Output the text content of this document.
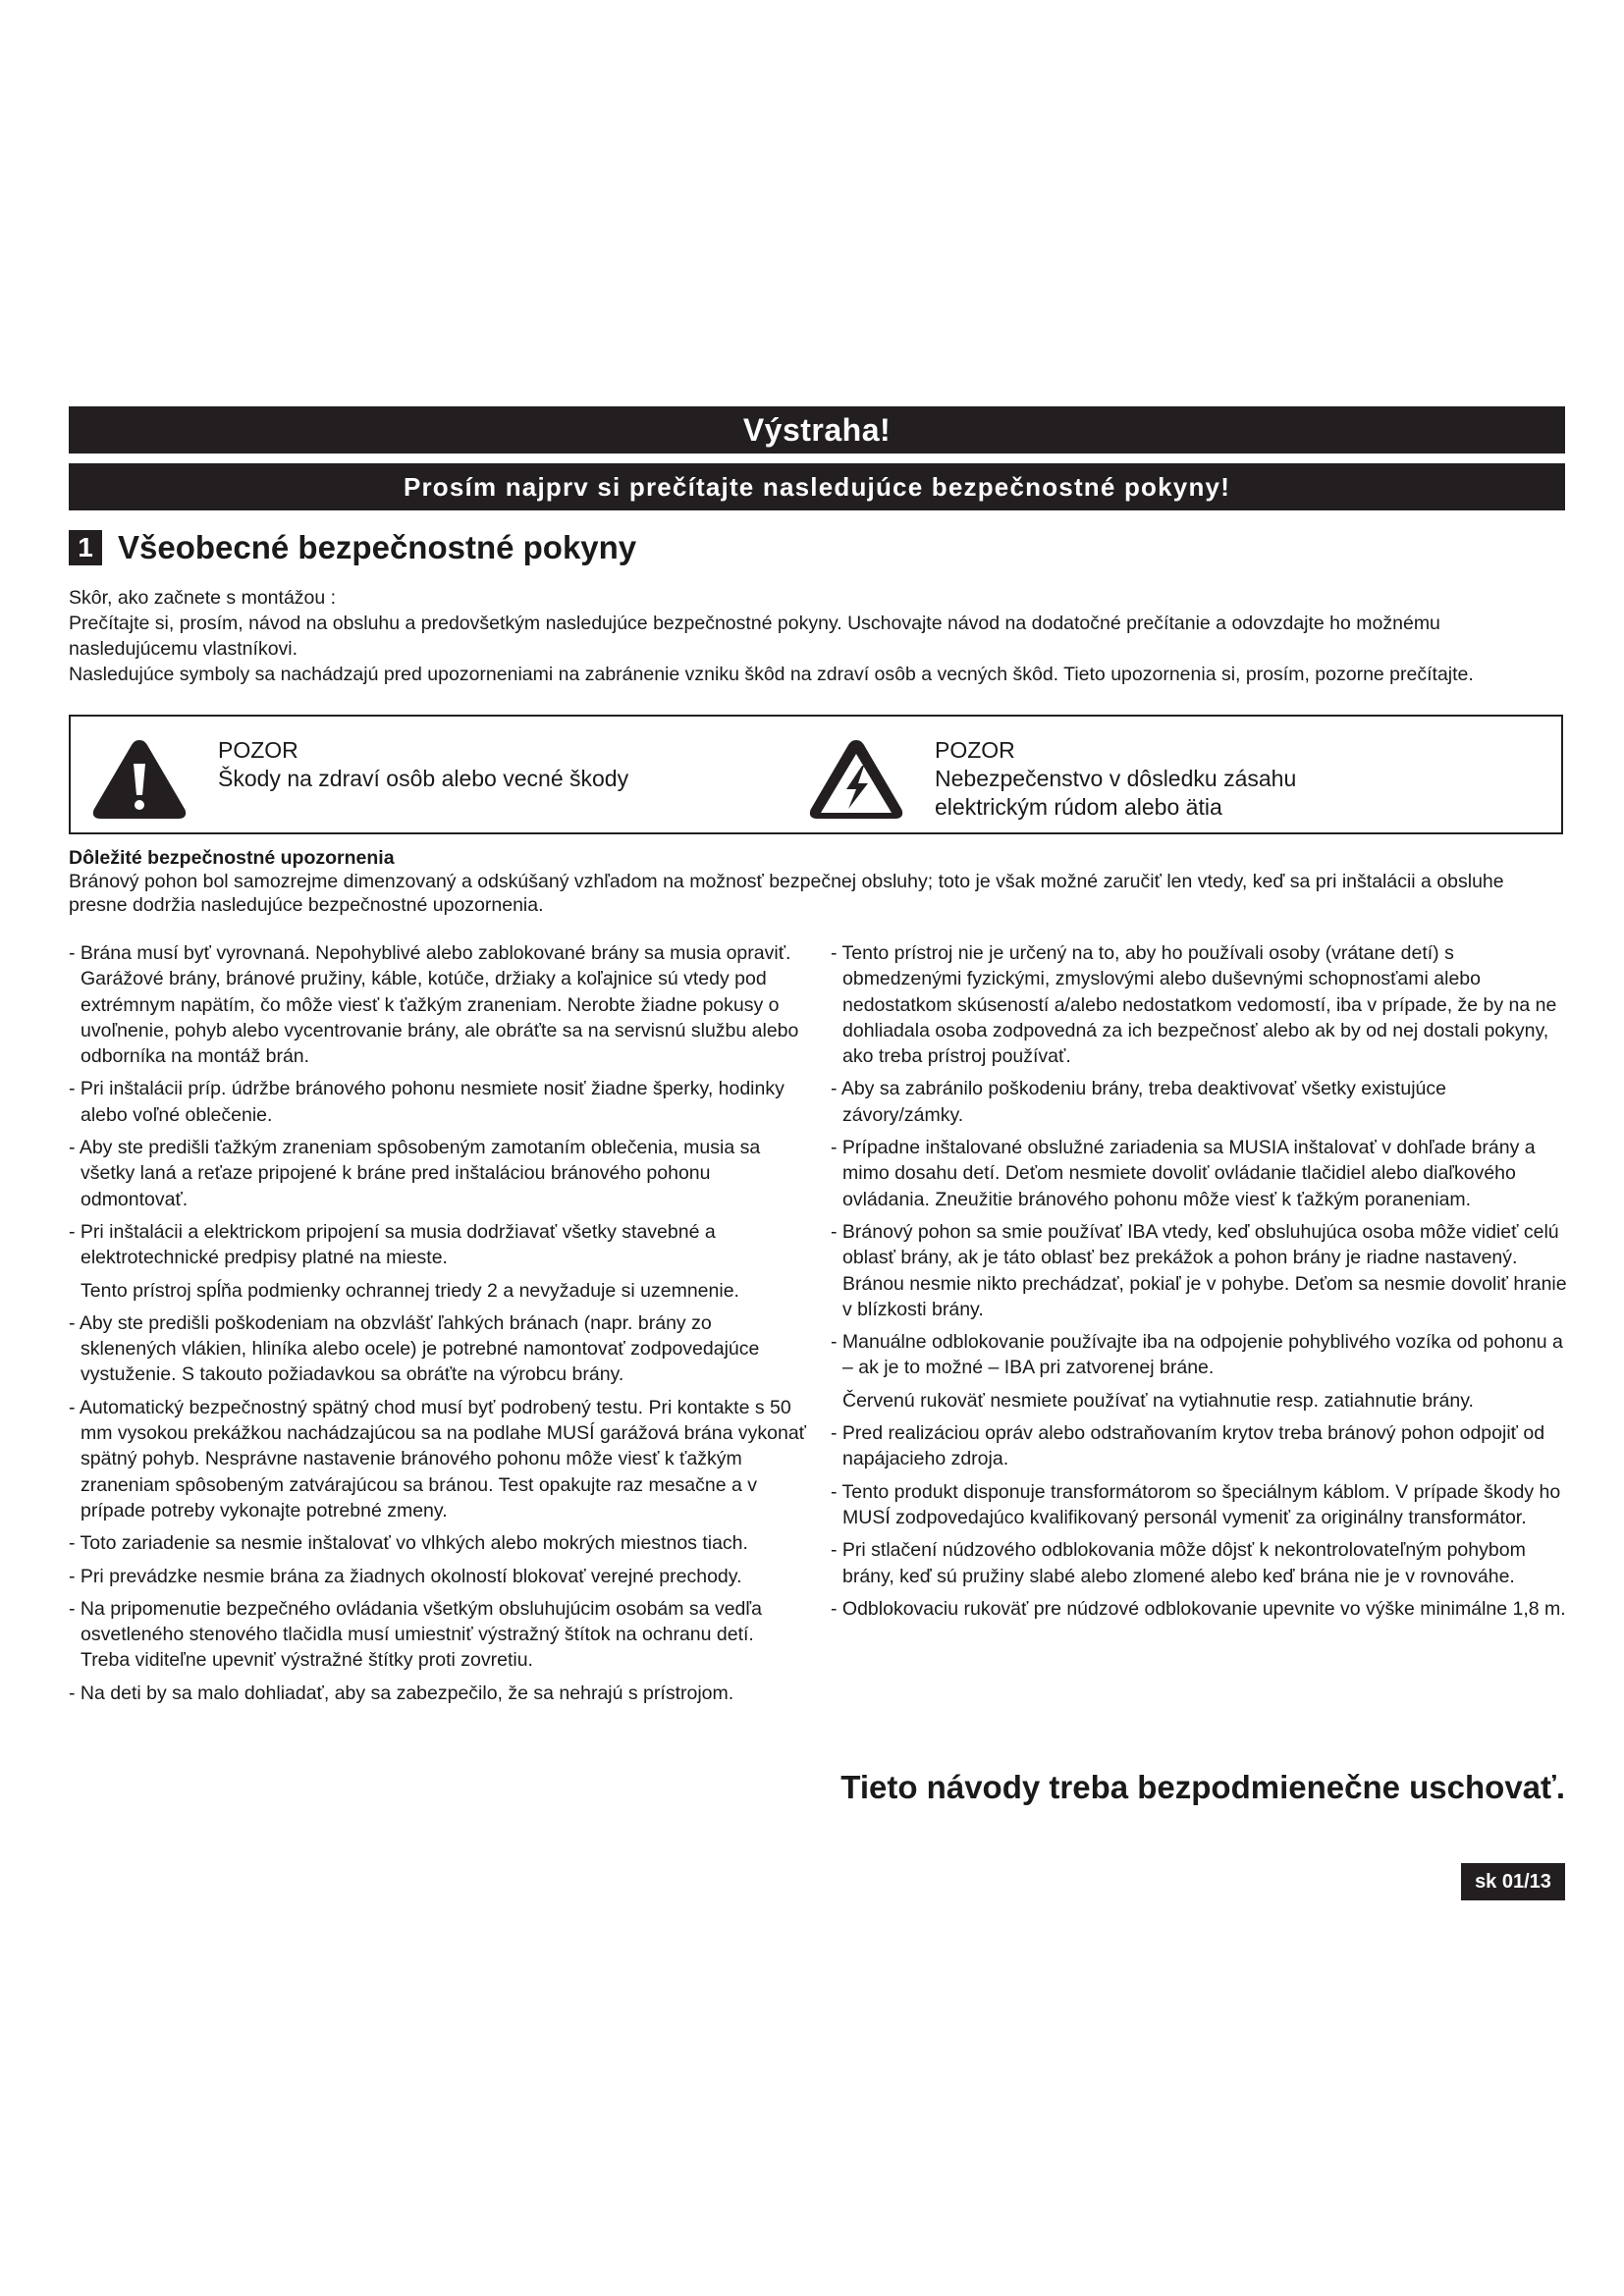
Výstraha!
Prosím najprv si prečítajte nasledujúce bezpečnostné pokyny!
1 Všeobecné bezpečnostné pokyny

Skôr, ako začnete s montážou :

Prečítajte si, prosím, návod na obsluhu a predovšetkým nasledujúce bezpečnostné pokyny. Uschovajte návod na dodatočné prečítanie a odovzdajte ho možnému nasledujúcemu vlastníkovi.

Nasledujúce symboly sa nachádzajú pred upozorneniami na zabránenie vzniku škôd na zdraví osôb a vecných škôd. Tieto upozornenia si, prosím, pozorne prečítajte.

POZOR
Škody na zdraví osôb alebo vecné škody
POZOR
Nebezpečenstvo v dôsledku zásahu
elektrickým rúdom alebo ätia
Dôležité bezpečnostné upozornenia

Bránový pohon bol samozrejme dimenzovaný a odskúšaný vzhľadom na možnosť bezpečnej obsluhy; toto je však možné zaručiť len vtedy, keď sa pri inštalácii a obsluhe presne dodržia nasledujúce bezpečnostné upozornenia.

- Brána musí byť vyrovnaná. Nepohyblivé alebo zablokované brány sa musia opraviť. Garážové brány, bránové pružiny, káble, kotúče, držiaky a koľajnice sú vtedy pod extrémnym napätím, čo môže viesť k ťažkým zraneniam. Nerobte žiadne pokusy o uvoľnenie, pohyb alebo vycentrovanie brány, ale obráťte sa na servisnú službu alebo odborníka na montáž brán.

- Pri inštalácii príp. údržbe bránového pohonu nesmiete nosiť žiadne šperky, hodinky alebo voľné oblečenie.

- Aby ste predišli ťažkým zraneniam spôsobeným zamotaním oblečenia, musia sa všetky laná a reťaze pripojené k bráne pred inštaláciou bránového pohonu odmontovať.

- Pri inštalácii a elektrickom pripojení sa musia dodržiavať všetky stavebné a elektrotechnické predpisy platné na mieste.

Tento prístroj spĺňa podmienky ochrannej triedy 2 a nevyžaduje si uzemnenie.

- Aby ste predišli poškodeniam na obzvlášť ľahkých bránach (napr. brány zo sklenených vlákien, hliníka alebo ocele) je potrebné namontovať zodpovedajúce vystuženie. S takouto požiadavkou sa obráťte na výrobcu brány.

- Automatický bezpečnostný spätný chod musí byť podrobený testu. Pri kontakte s 50 mm vysokou prekážkou nachádzajúcou sa na podlahe MUSÍ garážová brána vykonať spätný pohyb. Nesprávne nastavenie bránového pohonu môže viesť k ťažkým zraneniam spôsobeným zatvárajúcou sa bránou. Test opakujte raz mesačne a v prípade potreby vykonajte potrebné zmeny.

- Toto zariadenie sa nesmie inštalovať vo vlhkých alebo mokrých miestnos tiach.

- Pri prevádzke nesmie brána za žiadnych okolností blokovať verejné prechody.

- Na pripomenutie bezpečného ovládania všetkým obsluhujúcim osobám sa vedľa osvetleného stenového tlačidla musí umiestniť výstražný štítok na ochranu detí. Treba viditeľne upevniť výstražné štítky proti zovretiu.

- Na deti by sa malo dohliadať, aby sa zabezpečilo, že sa nehrajú s prístrojom.

- Tento prístroj nie je určený na to, aby ho používali osoby (vrátane detí) s obmedzenými fyzickými, zmyslovými alebo duševnými schopnosťami alebo nedostatkom skúseností a/alebo nedostatkom vedomostí, iba v prípade, že by na ne dohliadala osoba zodpovedná za ich bezpečnosť alebo ak by od nej dostali pokyny, ako treba prístroj používať.

- Aby sa zabránilo poškodeniu brány, treba deaktivovať všetky existujúce závory/zámky.

- Prípadne inštalované obslužné zariadenia sa MUSIA inštalovať v dohľade brány a mimo dosahu detí. Deťom nesmiete dovoliť ovládanie tlačidiel alebo diaľkového ovládania. Zneužitie bránového pohonu môže viesť k ťažkým poraneniam.

- Bránový pohon sa smie používať IBA vtedy, keď obsluhujúca osoba môže vidieť celú oblasť brány, ak je táto oblasť bez prekážok a pohon brány je riadne nastavený. Bránou nesmie nikto prechádzať, pokiaľ je v pohybe. Deťom sa nesmie dovoliť hranie v blízkosti brány.

- Manuálne odblokovanie používajte iba na odpojenie pohyblivého vozíka od pohonu a – ak je to možné – IBA pri zatvorenej bráne.

Červenú rukoväť nesmiete používať na vytiahnutie resp. zatiahnutie brány.

- Pred realizáciou opráv alebo odstraňovaním krytov treba bránový pohon odpojiť od napájacieho zdroja.

- Tento produkt disponuje transformátorom so špeciálnym káblom. V prípade škody ho MUSÍ zodpovedajúco kvalifikovaný personál vymeniť za originálny transformátor.

- Pri stlačení núdzového odblokovania môže dôjsť k nekontrolovateľným pohybom brány, keď sú pružiny slabé alebo zlomené alebo keď brána nie je v rovnováhe.

- Odblokovaciu rukoväť pre núdzové odblokovanie upevnite vo výške minimálne 1,8 m.

Tieto návody treba bezpodmienečne uschovať.
sk 01/13
